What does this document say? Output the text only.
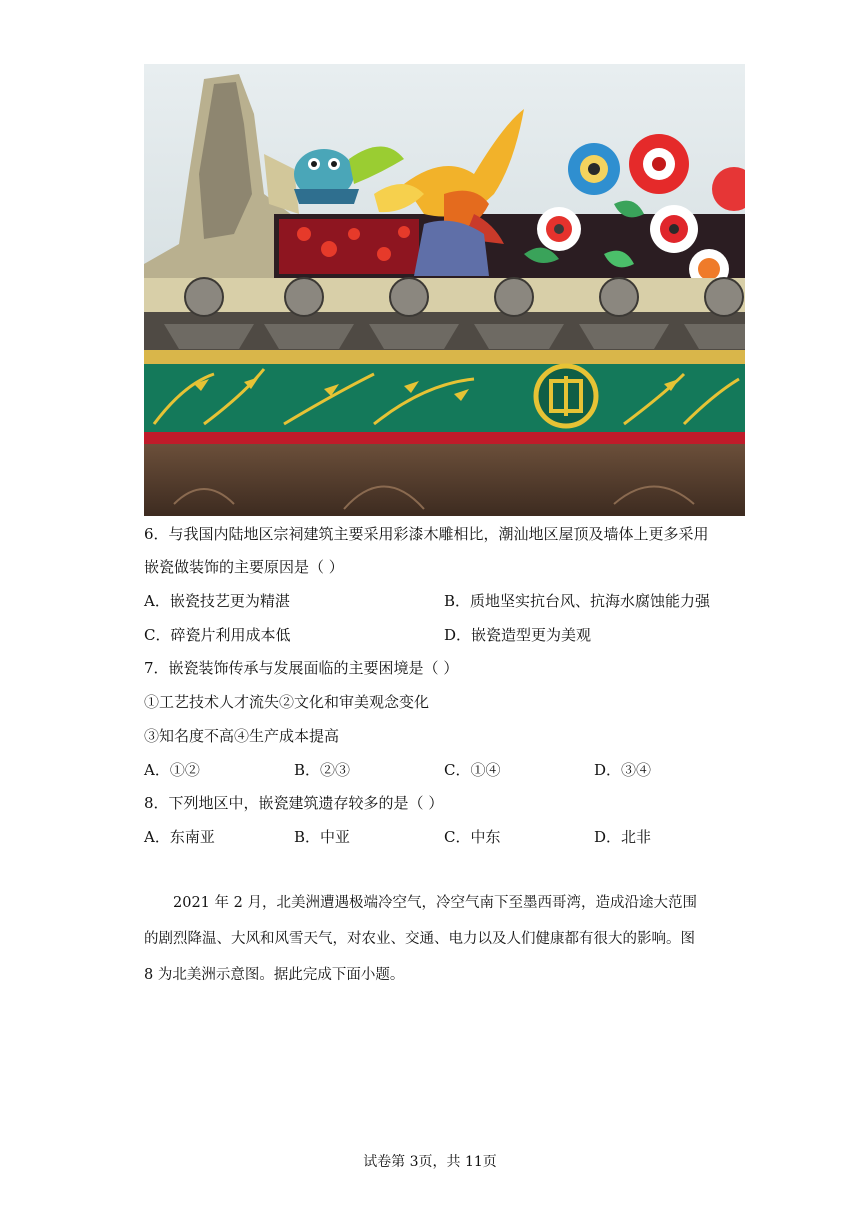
6．与我国内陆地区宗祠建筑主要采用彩漆木雕相比，潮汕地区屋顶及墙体上更多采用
嵌瓷做装饰的主要原因是（ ）
A．嵌瓷技艺更为精湛	B．质地坚实抗台风、抗海水腐蚀能力强
C．碎瓷片利用成本低	D．嵌瓷造型更为美观
7．嵌瓷装饰传承与发展面临的主要困境是（ ）
①工艺技术人才流失②文化和审美观念变化
③知名度不高④生产成本提高
A．①②	B．②③	C．①④	D．③④
8．下列地区中，嵌瓷建筑遗存较多的是（ ）
A．东南亚	B．中亚	C．中东	D．北非
2021 年 2 月，北美洲遭遇极端冷空气，冷空气南下至墨西哥湾，造成沿途大范围
的剧烈降温、大风和风雪天气，对农业、交通、电力以及人们健康都有很大的影响。图
8 为北美洲示意图。据此完成下面小题。
试卷第 3页，共 11页
